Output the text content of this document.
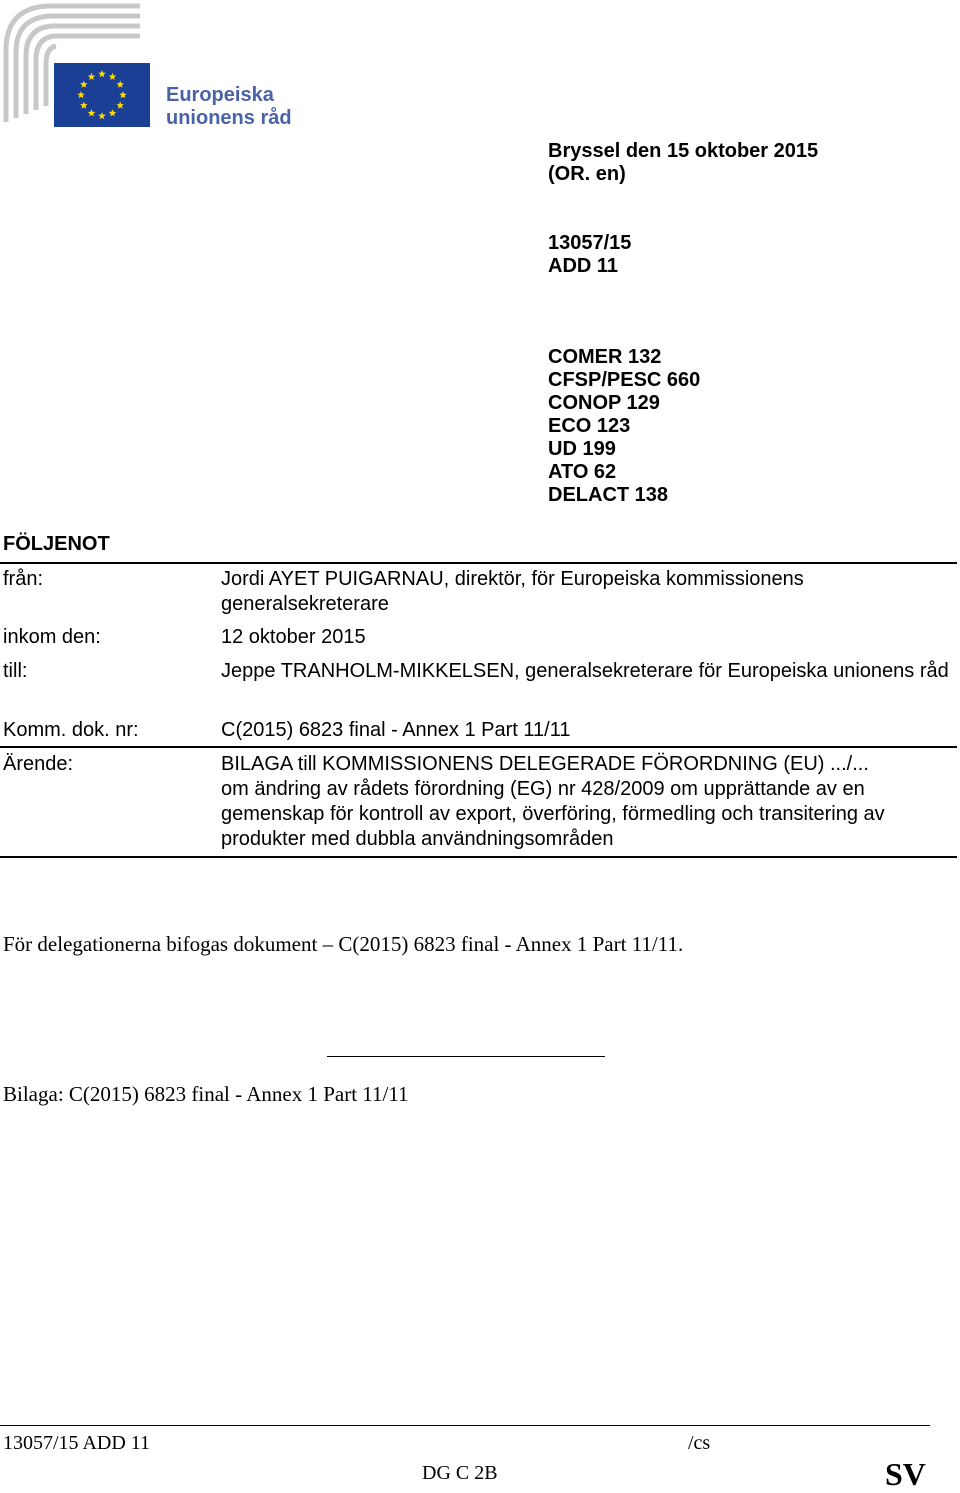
Europeiska
unionens råd
Bryssel den 15 oktober 2015
(OR. en)
13057/15
ADD 11
COMER 132
CFSP/PESC 660
CONOP 129
ECO 123
UD 199
ATO 62
DELACT 138
FÖLJENOT
från:	Jordi AYET PUIGARNAU, direktör, för Europeiska kommissionens generalsekreterare
inkom den:	12 oktober 2015
till:	Jeppe TRANHOLM-MIKKELSEN, generalsekreterare för Europeiska unionens råd
Komm. dok. nr:	C(2015) 6823 final - Annex 1 Part 11/11
Ärende:	BILAGA till KOMMISSIONENS DELEGERADE FÖRORDNING (EU) .../...
om ändring av rådets förordning (EG) nr 428/2009 om upprättande av en gemenskap för kontroll av export, överföring, förmedling och transitering av produkter med dubbla användningsområden
För delegationerna bifogas dokument – C(2015) 6823 final - Annex 1 Part 11/11.
Bilaga: C(2015) 6823 final - Annex 1 Part 11/11
13057/15 ADD 11	/cs
DG C 2B	SV
